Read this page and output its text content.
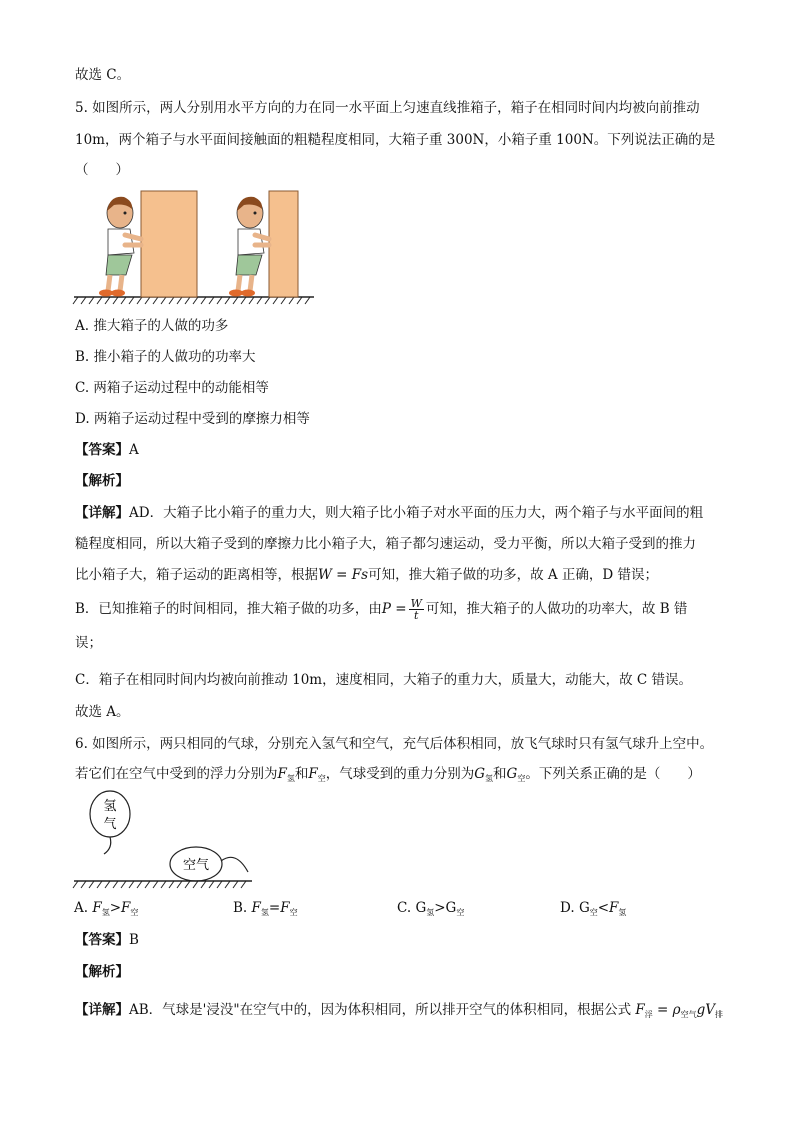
故选 C。
5. 如图所示，两人分别用水平方向的力在同一水平面上匀速直线推箱子，箱子在相同时间内均被向前推动
10m，两个箱子与水平面间接触面的粗糙程度相同，大箱子重 300N，小箱子重 100N。下列说法正确的是
（　　）
A. 推大箱子的人做的功多
B. 推小箱子的人做功的功率大
C. 两箱子运动过程中的动能相等
D. 两箱子运动过程中受到的摩擦力相等
【答案】A
【解析】
【详解】AD．大箱子比小箱子的重力大，则大箱子比小箱子对水平面的压力大，两个箱子与水平面间的粗
糙程度相同，所以大箱子受到的摩擦力比小箱子大，箱子都匀速运动，受力平衡，所以大箱子受到的推力
比小箱子大，箱子运动的距离相等，根据W = Fs可知，推大箱子做的功多，故 A 正确，D 错误；
B．已知推箱子的时间相同，推大箱子做的功多，由$P = \frac{W}{t}$ 可知，推大箱子的人做功的功率大，故 B 错
误；
C．箱子在相同时间内均被向前推动 10m，速度相同，大箱子的重力大，质量大，动能大，故 C 错误。
故选 A。
6. 如图所示，两只相同的气球，分别充入氢气和空气，充气后体积相同，放飞气球时只有氢气球升上空中。
若它们在空气中受到的浮力分别为$F_氢$和$F_空$，气球受到的重力分别为$G_氢$和$G_空$。下列关系正确的是（　　）
氢
气
空气
A. $F_氢>F_空$	B. $F_氢=F_空$	C. $G_氢>G_空$	D. $G_空<F_氢$
【答案】B
【解析】
【详解】AB．气球是'浸没"在空气中的，因为体积相同，所以排开空气的体积相同，根据公式 $F_浮 = \rho_{空气}gV_排$
